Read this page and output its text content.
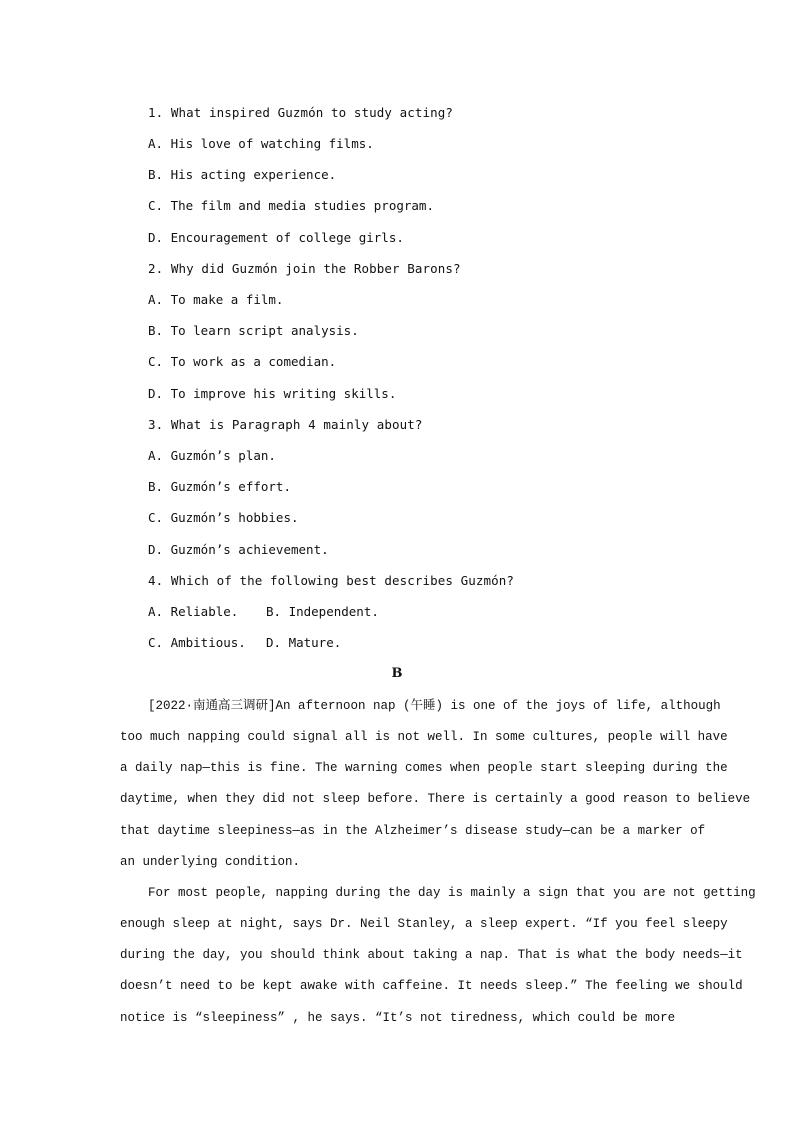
1. What inspired Guzmón to study acting?
A. His love of watching films.
B. His acting experience.
C. The film and media studies program.
D. Encouragement of college girls.
2. Why did Guzmón join the Robber Barons?
A. To make a film.
B. To learn script analysis.
C. To work as a comedian.
D. To improve his writing skills.
3. What is Paragraph 4 mainly about?
A. Guzmón’s plan.
B. Guzmón’s effort.
C. Guzmón’s hobbies.
D. Guzmón’s achievement.
4. Which of the following best describes Guzmón?
A. Reliable. B. Independent.
C. Ambitious. D. Mature.
B
[2022·南通高三调研]An afternoon nap (午睡) is one of the joys of life, although
too much napping could signal all is not well. In some cultures, people will have
a daily nap—this is fine. The warning comes when people start sleeping during the
daytime, when they did not sleep before. There is certainly a good reason to believe
that daytime sleepiness—as in the Alzheimer’s disease study—can be a marker of
an underlying condition.
For most people, napping during the day is mainly a sign that you are not getting
enough sleep at night, says Dr. Neil Stanley, a sleep expert. “If you feel sleepy
during the day, you should think about taking a nap. That is what the body needs—it
doesn’t need to be kept awake with caffeine. It needs sleep.” The feeling we should
notice is “sleepiness” , he says. “It’s not tiredness, which could be more
